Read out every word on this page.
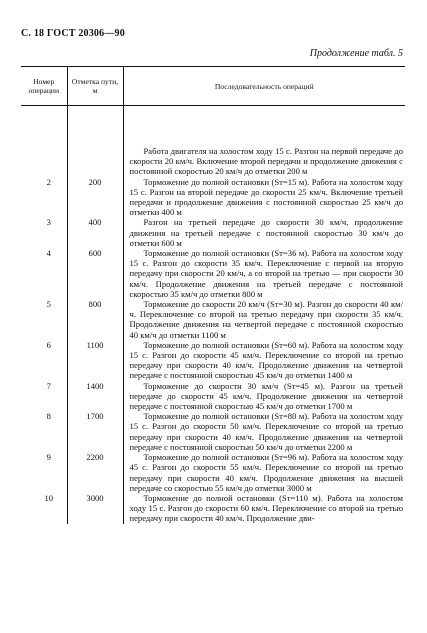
С. 18 ГОСТ 20306—90
Продолжение табл. 5
Номер операции	Отметка пути, м	Последовательность операций

		Работа двигателя на холостом ходу 15 с. Разгон на первой передаче до скорости 20 км/ч. Включение второй передачи и продолжение движения с постоянной скоростью 20 км/ч до отметки 200 м

2	200	Торможение до полной остановки (Sт=15 м). Работа на холостом ходу 15 с. Разгон на второй передаче до скорости 25 км/ч. Включение третьей передачи и продолжение движения с постоянной скоростью 25 км/ч до отметки 400 м

3	400	Разгон на третьей передаче до скорости 30 км/ч, продолжение движения на третьей передаче с постоянной скоростью 30 км/ч до отметки 600 м

4	600	Торможение до полной остановки (Sт=36 м). Работа на холостом ходу 15 с. Разгон до скорости 35 км/ч. Переключение с первой на вторую передачу при скорости 20 км/ч, а со второй на третью — при скорости 30 км/ч. Продолжение движения на третьей передаче с постоянной скоростью 35 км/ч до отметки 800 м

5	800	Торможение до скорости 20 км/ч (Sт=30 м). Разгон до скорости 40 км/ч. Переключение со второй на третью передачу при скорости 35 км/ч. Продолжение движения на четвертой передаче с постоянной скоростью 40 км/ч до отметки 1100 м

6	1100	Торможение до полной остановки (Sт=60 м). Работа на холостом ходу 15 с. Разгон до скорости 45 км/ч. Переключение со второй на третью передачу при скорости 40 км/ч. Продолжение движения на четвертой передаче с постоянной скоростью 45 км/ч до отметки 1400 м

7	1400	Торможение до скорости 30 км/ч (Sт=45 м). Разгон на третьей передаче до скорости 45 км/ч. Продолжение движения на четвертой передаче с постоянной скоростью 45 км/ч до отметки 1700 м

8	1700	Торможение до полной остановки (Sт=80 м). Работа на холостом ходу 15 с. Разгон до скорости 50 км/ч. Переключение со второй на третью передачу при скорости 40 км/ч. Продолжение движения на четвертой передаче с постоянной скоростью 50 км/ч до отметки 2200 м

9	2200	Торможение до полной остановки (Sт=96 м). Работа на холостом ходу 45 с. Разгон до скорости 55 км/ч. Переключение со второй на третью передачу при скорости 40 км/ч. Продолжение движения на высшей передаче со скоростью 55 км/ч до отметки 3000 м

10	3000	Торможение до полной остановки (Sт=110 м). Работа на холостом ходу 15 с. Разгон до скорости 60 км/ч. Переключение со второй на третью передачу при скорости 40 км/ч. Продолжение дви-
